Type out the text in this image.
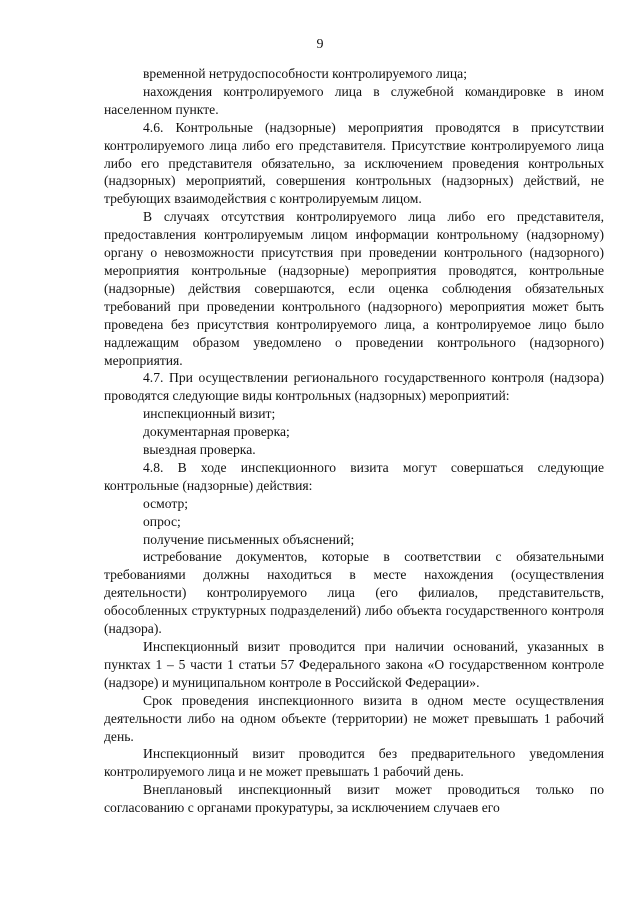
9

временной нетрудоспособности контролируемого лица;

нахождения контролируемого лица в служебной командировке в ином населенном пункте.

4.6. Контрольные (надзорные) мероприятия проводятся в присутствии контролируемого лица либо его представителя. Присутствие контролируемого лица либо его представителя обязательно, за исключением проведения контрольных (надзорных) мероприятий, совершения контрольных (надзорных) действий, не требующих взаимодействия с контролируемым лицом.

В случаях отсутствия контролируемого лица либо его представителя, предоставления контролируемым лицом информации контрольному (надзорному) органу о невозможности присутствия при проведении контрольного (надзорного) мероприятия контрольные (надзорные) мероприятия проводятся, контрольные (надзорные) действия совершаются, если оценка соблюдения обязательных требований при проведении контрольного (надзорного) мероприятия может быть проведена без присутствия контролируемого лица, а контролируемое лицо было надлежащим образом уведомлено о проведении контрольного (надзорного) мероприятия.

4.7. При осуществлении регионального государственного контроля (надзора) проводятся следующие виды контрольных (надзорных) мероприятий:

инспекционный визит;

документарная проверка;

выездная проверка.

4.8. В ходе инспекционного визита могут совершаться следующие контрольные (надзорные) действия:

осмотр;

опрос;

получение письменных объяснений;

истребование документов, которые в соответствии с обязательными требованиями должны находиться в месте нахождения (осуществления деятельности) контролируемого лица (его филиалов, представительств, обособленных структурных подразделений) либо объекта государственного контроля (надзора).

Инспекционный визит проводится при наличии оснований, указанных в пунктах 1 – 5 части 1 статьи 57 Федерального закона «О государственном контроле (надзоре) и муниципальном контроле в Российской Федерации».

Срок проведения инспекционного визита в одном месте осуществления деятельности либо на одном объекте (территории) не может превышать 1 рабочий день.

Инспекционный визит проводится без предварительного уведомления контролируемого лица и не может превышать 1 рабочий день.

Внеплановый инспекционный визит может проводиться только по согласованию с органами прокуратуры, за исключением случаев его
